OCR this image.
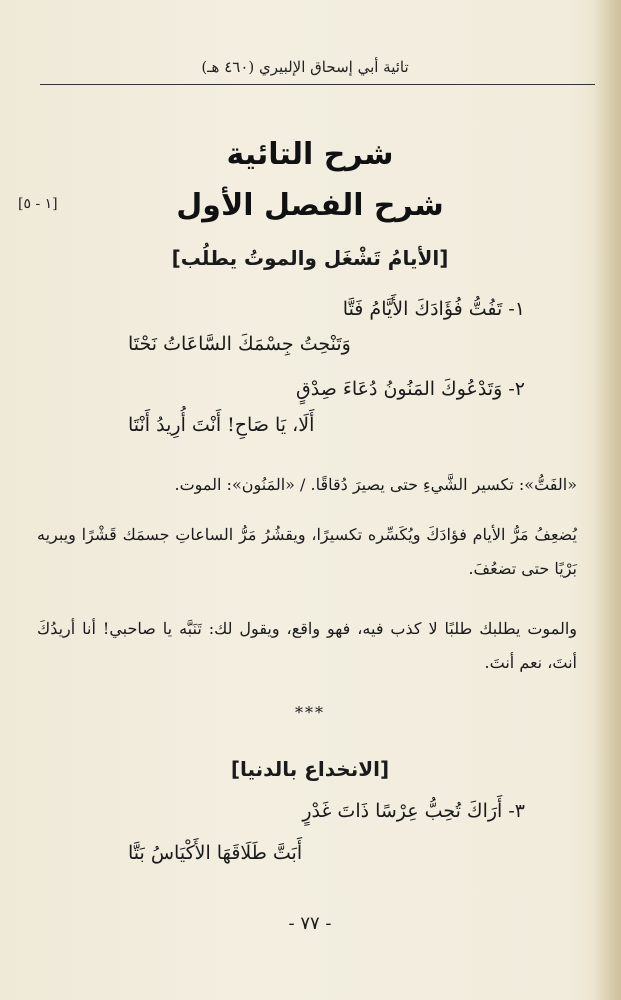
تائية أبي إسحاق الإلبيري (٤٦٠ هـ)
شرح التائية
شرح الفصل الأول
[١ - ٥]
[الأيامُ تَشْغَل والموتُ يطلُب]
١- تَفُتُّ فُؤَادَكَ الأَيَّامُ فَتَّا
وَتَنْحِتُ جِسْمَكَ السَّاعَاتُ نَحْتَا
٢- وَتَدْعُوكَ المَنُونُ دُعَاءَ صِدْقٍ
أَلَا، يَا صَاحِ! أَنْتَ أُرِيدُ أَنْتَا
«الفَتُّ»: تكسير الشَّيءِ حتى يصيرَ دُقاقًا. / «المَنُون»: الموت.
يُضعِفُ مَرُّ الأيام فؤادَكَ ويُكَسِّره تكسيرًا، ويقشُرُ مَرُّ الساعاتِ جسمَك قَشْرًا ويبريه بَرْيًا حتى تضعُفَ.
والموت يطلبك طلبًا لا كذب فيه، فهو واقع، ويقول لك: تَنَبَّه يا صاحبي! أنا أريدُكَ أنتَ، نعم أنتَ.
***
[الانخداع بالدنيا]
٣- أَرَاكَ تُحِبُّ عِرْسًا ذَاتَ غَدْرٍ
أَبَتَّ طَلَاقَهَا الأَكْيَاسُ بَتَّا
- ٧٧ -
